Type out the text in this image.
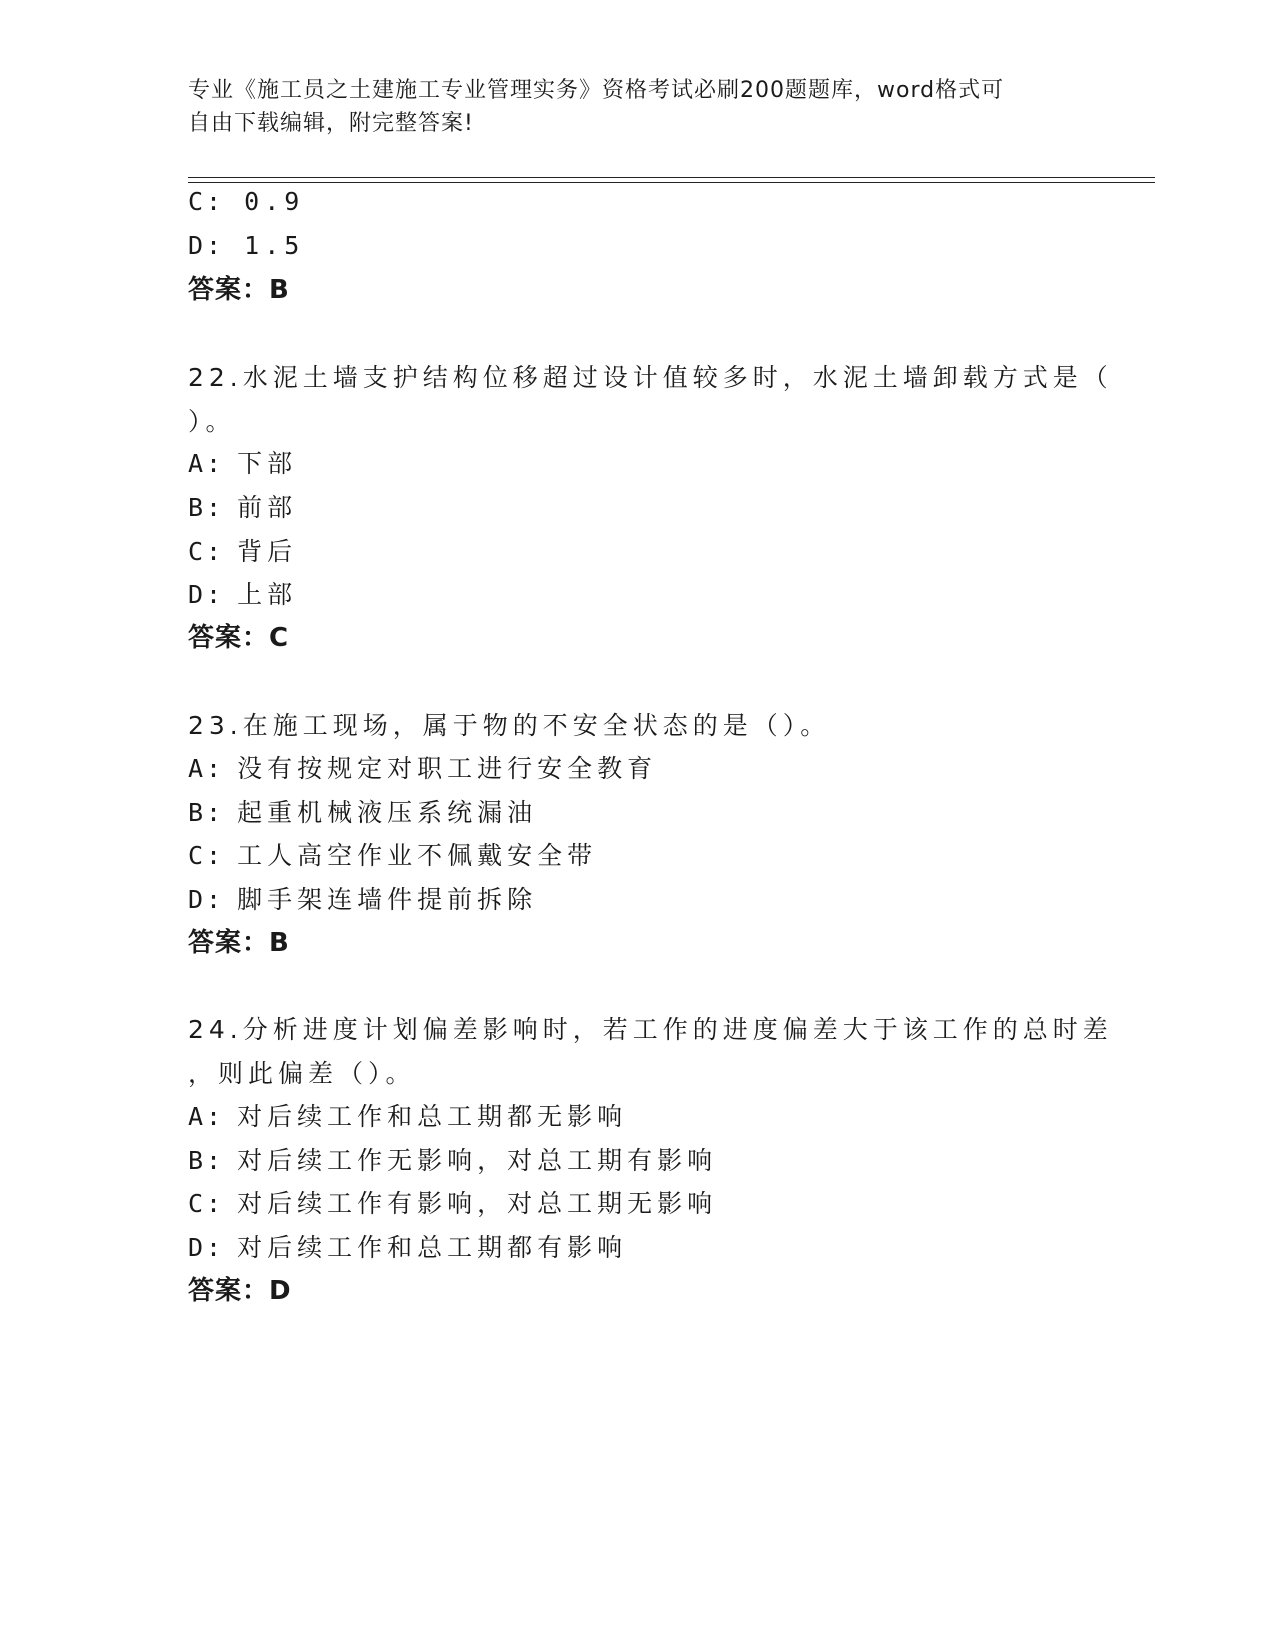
专业《施工员之土建施工专业管理实务》资格考试必刷200题题库，word格式可
自由下载编辑，附完整答案!
C: 0.9
D: 1.5
答案：B
22.水泥土墙支护结构位移超过设计值较多时，水泥土墙卸载方式是（
）。
A: 下部
B: 前部
C: 背后
D: 上部
答案：C
23.在施工现场，属于物的不安全状态的是（）。
A: 没有按规定对职工进行安全教育
B: 起重机械液压系统漏油
C: 工人高空作业不佩戴安全带
D: 脚手架连墙件提前拆除
答案：B
24.分析进度计划偏差影响时，若工作的进度偏差大于该工作的总时差
，则此偏差（）。
A: 对后续工作和总工期都无影响
B: 对后续工作无影响，对总工期有影响
C: 对后续工作有影响，对总工期无影响
D: 对后续工作和总工期都有影响
答案：D
